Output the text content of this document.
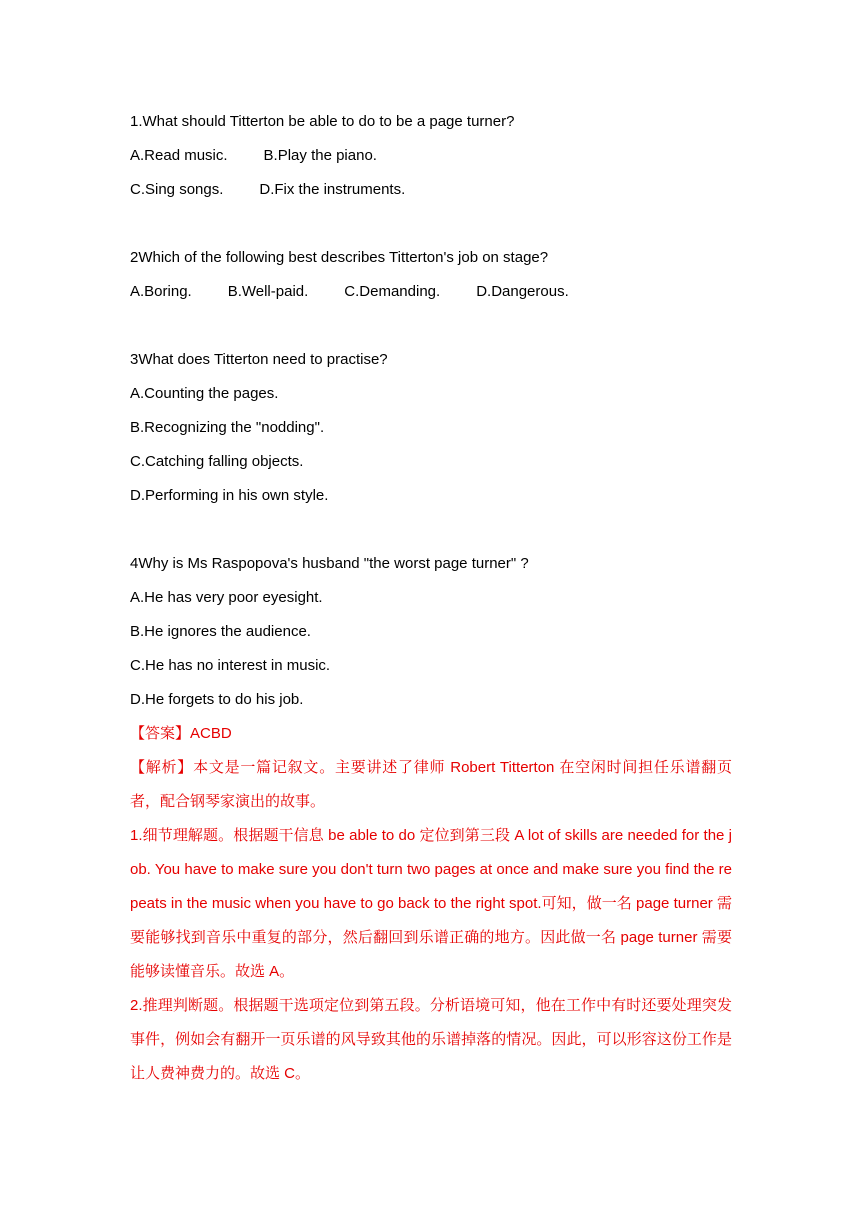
1.What should Titterton be able to do to be a page turner?
A.Read music. B.Play the piano.
C.Sing songs. D.Fix the instruments.
2Which of the following best describes Titterton's job on stage?
A.Boring. B.Well-paid. C.Demanding. D.Dangerous.
3What does Titterton need to practise?
A.Counting the pages.
B.Recognizing the "nodding".
C.Catching falling objects.
D.Performing in his own style.
4Why is Ms Raspopova's husband "the worst page turner" ?
A.He has very poor eyesight.
B.He ignores the audience.
C.He has no interest in music.
D.He forgets to do his job.
【答案】ACBD
【解析】本文是一篇记叙文。主要讲述了律师 Robert Titterton 在空闲时间担任乐谱翻页者，配合钢琴家演出的故事。
1.细节理解题。根据题干信息 be able to do 定位到第三段 A lot of skills are needed for the job. You have to make sure you don't turn two pages at once and make sure you find the repeats in the music when you have to go back to the right spot.可知，做一名 page turner 需要能够找到音乐中重复的部分，然后翻回到乐谱正确的地方。因此做一名 page turner 需要能够读懂音乐。故选 A。
2.推理判断题。根据题干选项定位到第五段。分析语境可知，他在工作中有时还要处理突发事件，例如会有翻开一页乐谱的风导致其他的乐谱掉落的情况。因此，可以形容这份工作是让人费神费力的。故选 C。
